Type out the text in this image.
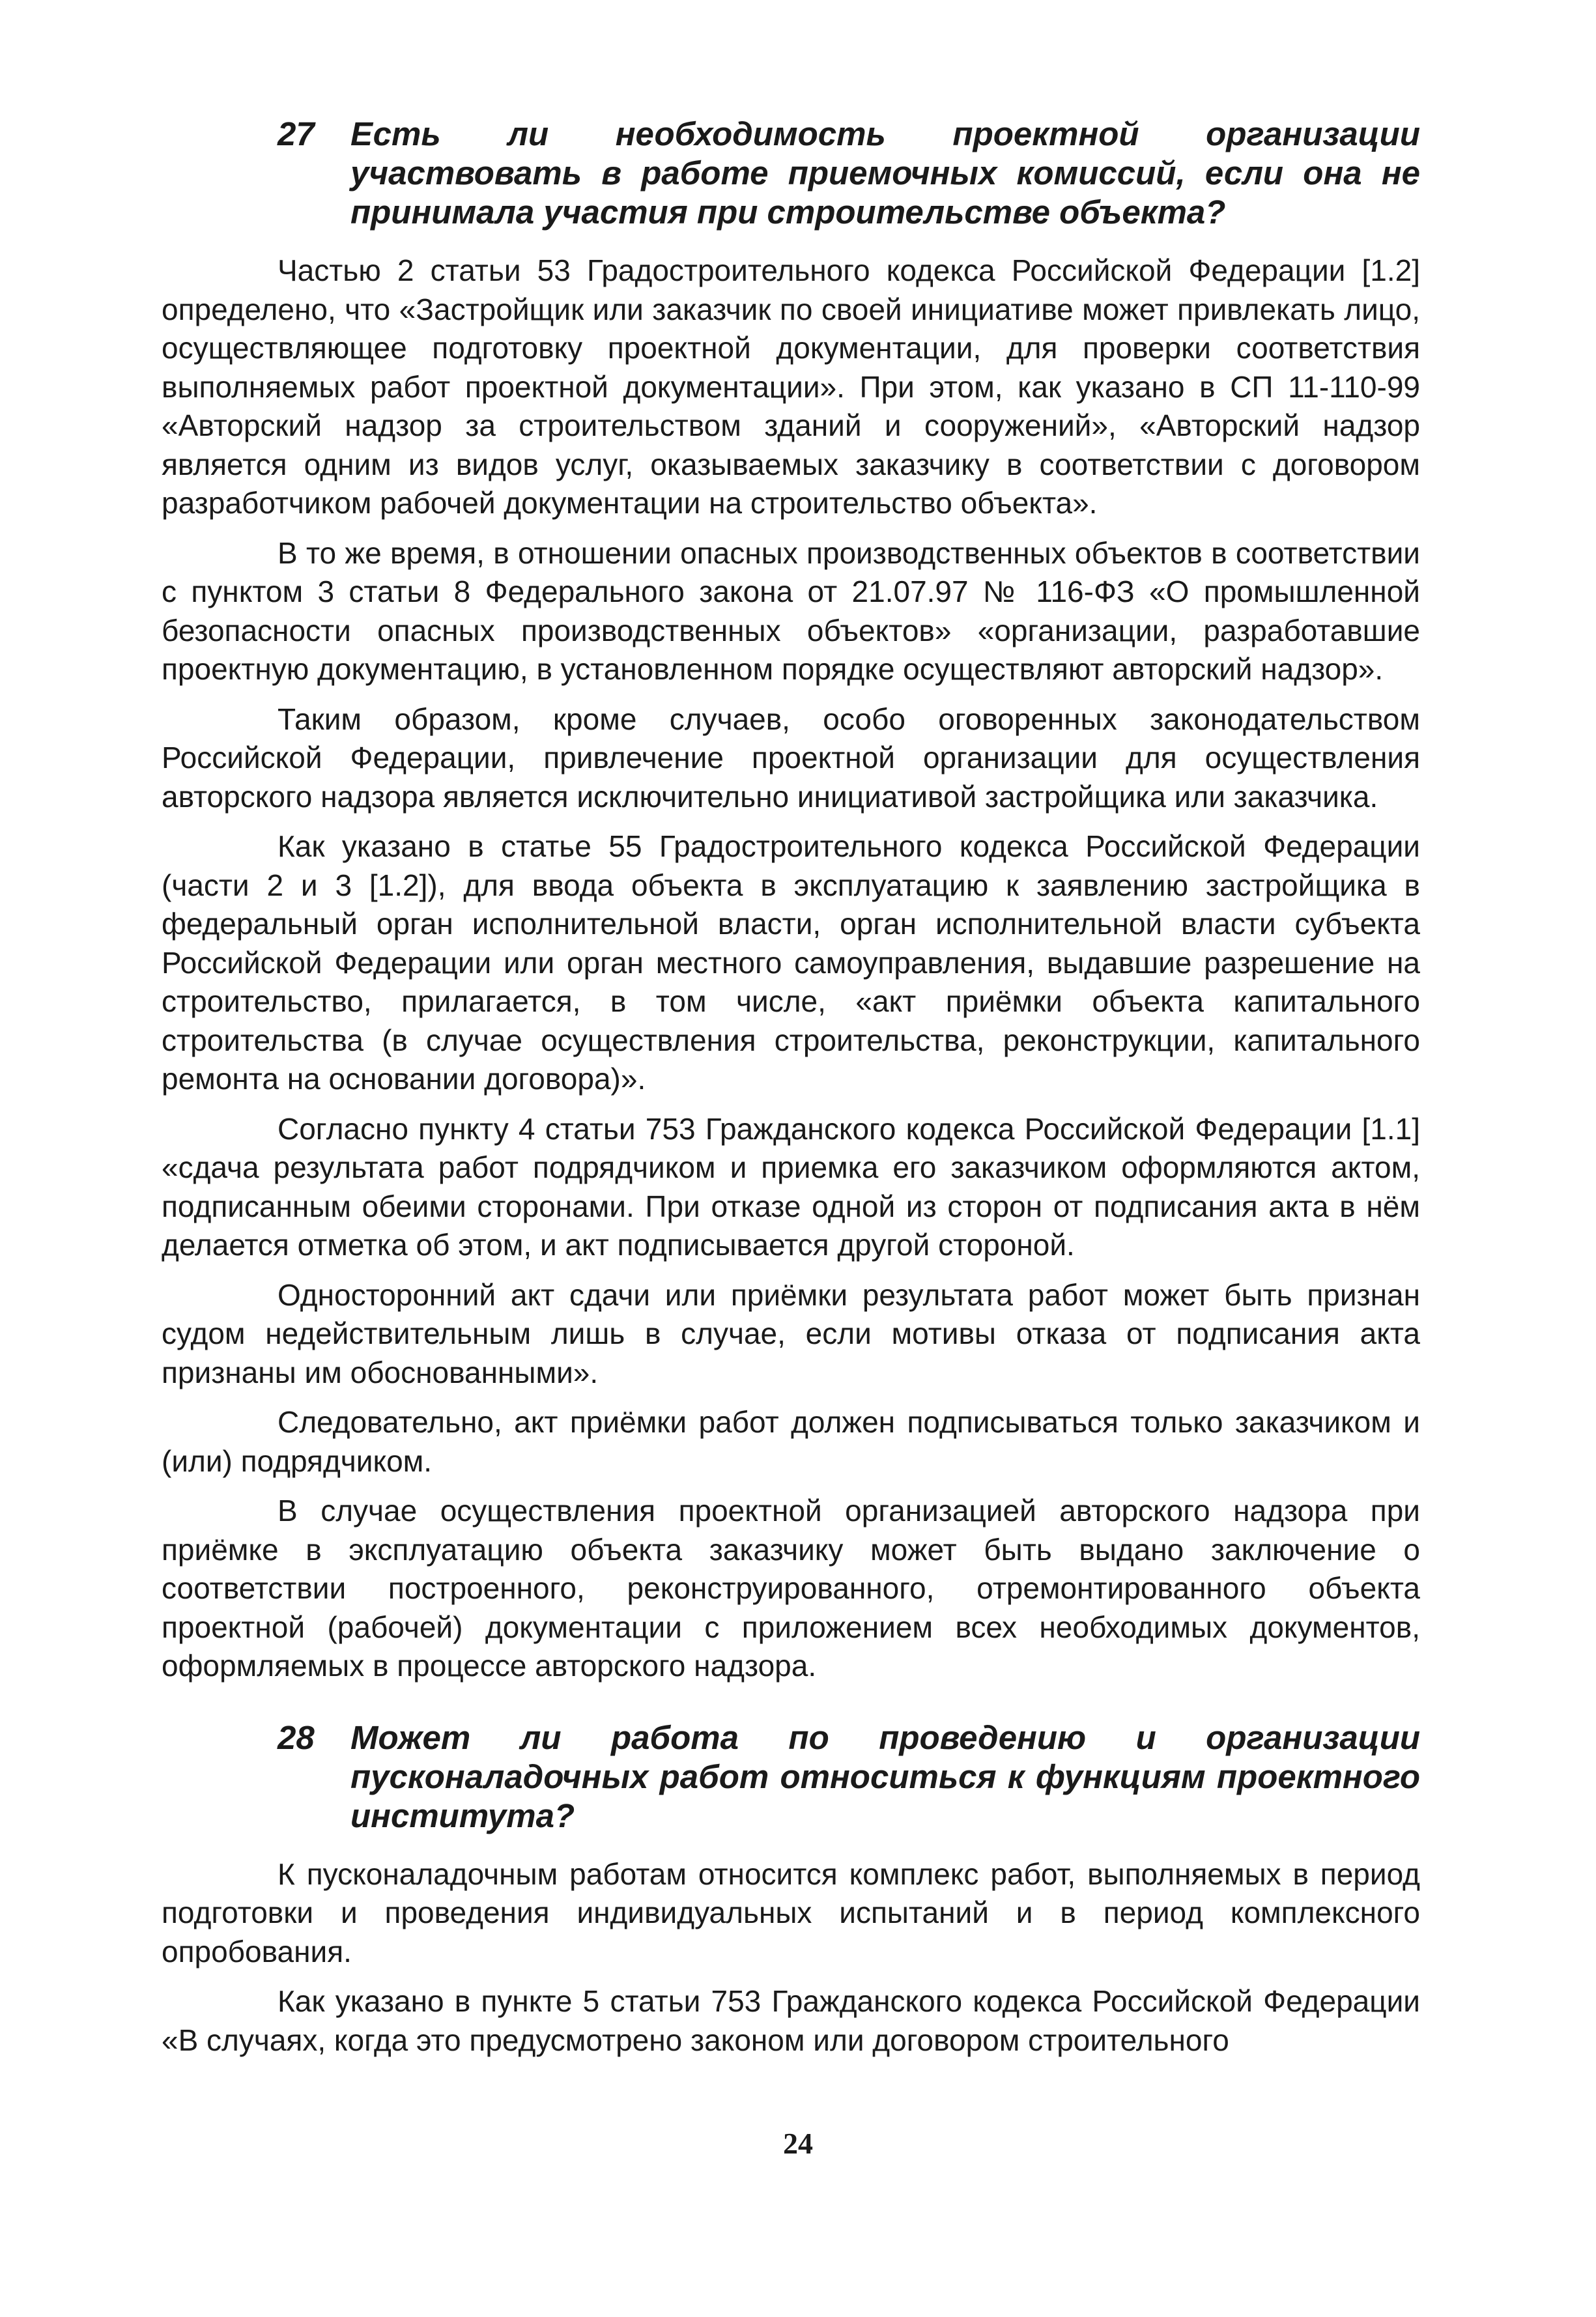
27	Есть ли необходимость проектной организации участвовать в работе приемочных комиссий, если она не принимала участия при строительстве объекта?

Частью 2 статьи 53 Градостроительного кодекса Российской Федерации [1.2] определено, что «Застройщик или заказчик по своей инициативе может привлекать лицо, осуществляющее подготовку проектной документации, для проверки соответствия выполняемых работ проектной документации». При этом, как указано в СП 11-110-99 «Авторский надзор за строительством зданий и сооружений», «Авторский надзор является одним из видов услуг, оказываемых заказчику в соответствии с договором разработчиком рабочей документации на строительство объекта».

В то же время, в отношении опасных производственных объектов в соответствии с пунктом 3 статьи 8 Федерального закона от 21.07.97 № 116-ФЗ «О промышленной безопасности опасных производственных объектов» «организации, разработавшие проектную документацию, в установленном порядке осуществляют авторский надзор».

Таким образом, кроме случаев, особо оговоренных законодательством Российской Федерации, привлечение проектной организации для осуществления авторского надзора является исключительно инициативой застройщика или заказчика.

Как указано в статье 55 Градостроительного кодекса Российской Федерации (части 2 и 3 [1.2]), для ввода объекта в эксплуатацию к заявлению застройщика в федеральный орган исполнительной власти, орган исполнительной власти субъекта Российской Федерации или орган местного самоуправления, выдавшие разрешение на строительство, прилагается, в том числе, «акт приёмки объекта капитального строительства (в случае осуществления строительства, реконструкции, капитального ремонта на основании договора)».

Согласно пункту 4 статьи 753 Гражданского кодекса Российской Федерации [1.1] «сдача результата работ подрядчиком и приемка его заказчиком оформляются актом, подписанным обеими сторонами. При отказе одной из сторон от подписания акта в нём делается отметка об этом, и акт подписывается другой стороной.

Односторонний акт сдачи или приёмки результата работ может быть признан судом недействительным лишь в случае, если мотивы отказа от подписания акта признаны им обоснованными».

Следовательно, акт приёмки работ должен подписываться только заказчиком и (или) подрядчиком.

В случае осуществления проектной организацией авторского надзора при приёмке в эксплуатацию объекта заказчику может быть выдано заключение о соответствии построенного, реконструированного, отремонтированного объекта проектной (рабочей) документации с приложением всех необходимых документов, оформляемых в процессе авторского надзора.

28	Может ли работа по проведению и организации пусконаладочных работ относиться к функциям проектного института?

К пусконаладочным работам относится комплекс работ, выполняемых в период подготовки и проведения индивидуальных испытаний и в период комплексного опробования.

Как указано в пункте 5 статьи 753 Гражданского кодекса Российской Федерации «В случаях, когда это предусмотрено законом или договором строительного

24
